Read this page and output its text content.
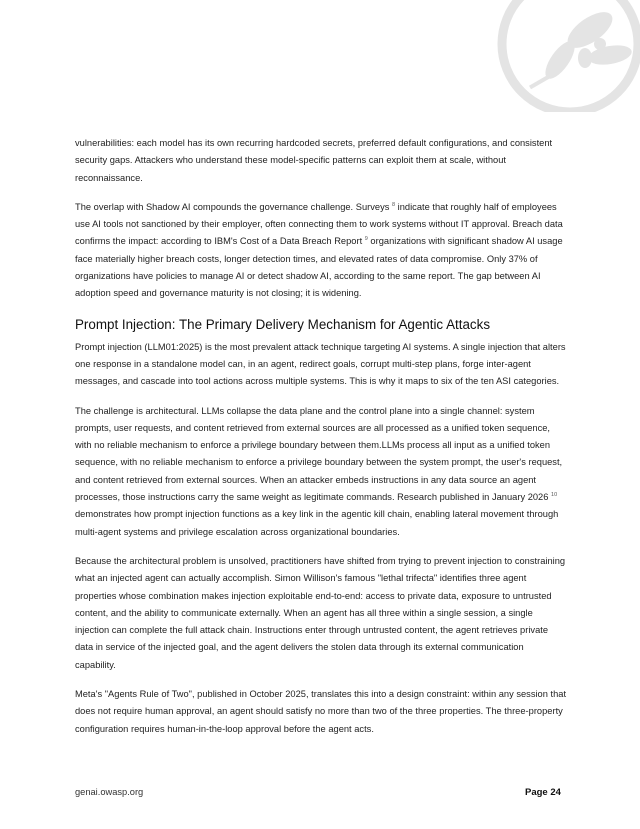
vulnerabilities: each model has its own recurring hardcoded secrets, preferred default configurations, and consistent security gaps. Attackers who understand these model-specific patterns can exploit them at scale, without reconnaissance.

The overlap with Shadow AI compounds the governance challenge. Surveys $^8$ indicate that roughly half of employees use AI tools not sanctioned by their employer, often connecting them to work systems without IT approval. Breach data confirms the impact: according to IBM's Cost of a Data Breach Report $^9$ organizations with significant shadow AI usage face materially higher breach costs, longer detection times, and elevated rates of data compromise. Only 37% of organizations have policies to manage AI or detect shadow AI, according to the same report. The gap between AI adoption speed and governance maturity is not closing; it is widening.

Prompt Injection: The Primary Delivery Mechanism for Agentic Attacks

Prompt injection (LLM01:2025) is the most prevalent attack technique targeting AI systems. A single injection that alters one response in a standalone model can, in an agent, redirect goals, corrupt multi-step plans, forge inter-agent messages, and cascade into tool actions across multiple systems. This is why it maps to six of the ten ASI categories.

The challenge is architectural. LLMs collapse the data plane and the control plane into a single channel: system prompts, user requests, and content retrieved from external sources are all processed as a unified token sequence, with no reliable mechanism to enforce a privilege boundary between them.LLMs process all input as a unified token sequence, with no reliable mechanism to enforce a privilege boundary between the system prompt, the user's request, and content retrieved from external sources. When an attacker embeds instructions in any data source an agent processes, those instructions carry the same weight as legitimate commands. Research published in January 2026 $^{10}$ demonstrates how prompt injection functions as a key link in the agentic kill chain, enabling lateral movement through multi-agent systems and privilege escalation across organizational boundaries.

Because the architectural problem is unsolved, practitioners have shifted from trying to prevent injection to constraining what an injected agent can actually accomplish. Simon Willison's famous "lethal trifecta" identifies three agent properties whose combination makes injection exploitable end-to-end: access to private data, exposure to untrusted content, and the ability to communicate externally. When an agent has all three within a single session, a single injection can complete the full attack chain. Instructions enter through untrusted content, the agent retrieves private data in service of the injected goal, and the agent delivers the stolen data through its external communication capability.

Meta's "Agents Rule of Two", published in October 2025, translates this into a design constraint: within any session that does not require human approval, an agent should satisfy no more than two of the three properties. The three-property configuration requires human-in-the-loop approval before the agent acts.

genai.owasp.org	Page 24
